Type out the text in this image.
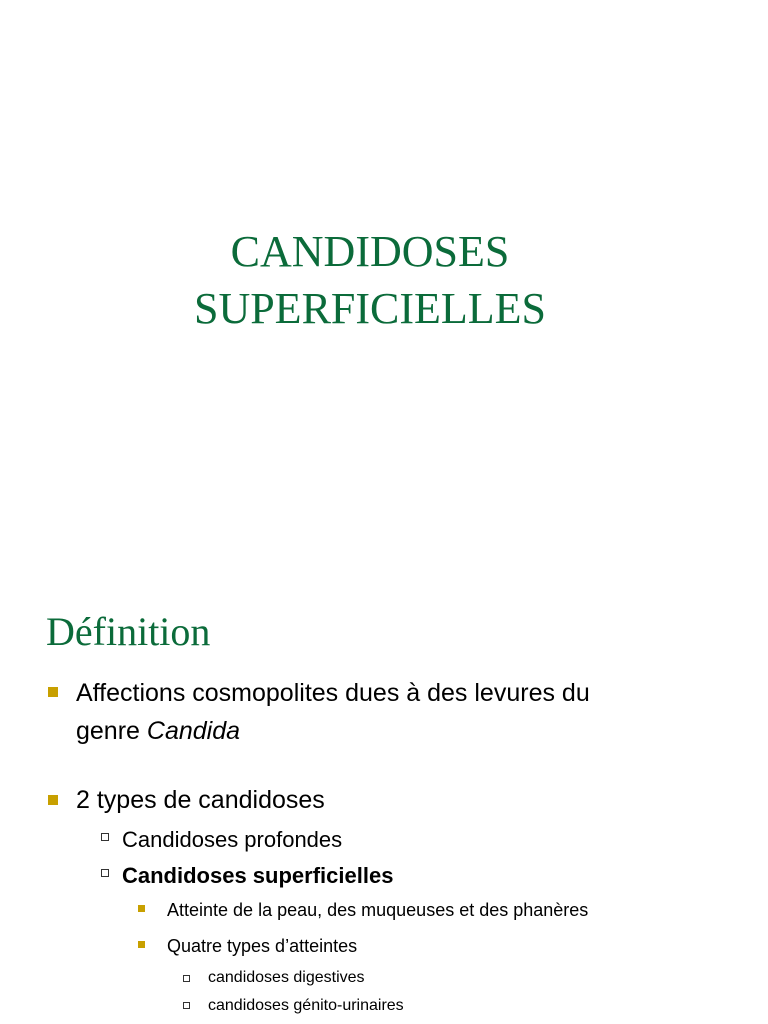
CANDIDOSES
SUPERFICIELLES
Définition
Affections cosmopolites dues à des levures du
genre Candida
2 types de candidoses
Candidoses profondes
Candidoses superficielles
Atteinte de la peau, des muqueuses et des phanères
Quatre types d’atteintes
candidoses digestives
candidoses génito-urinaires
